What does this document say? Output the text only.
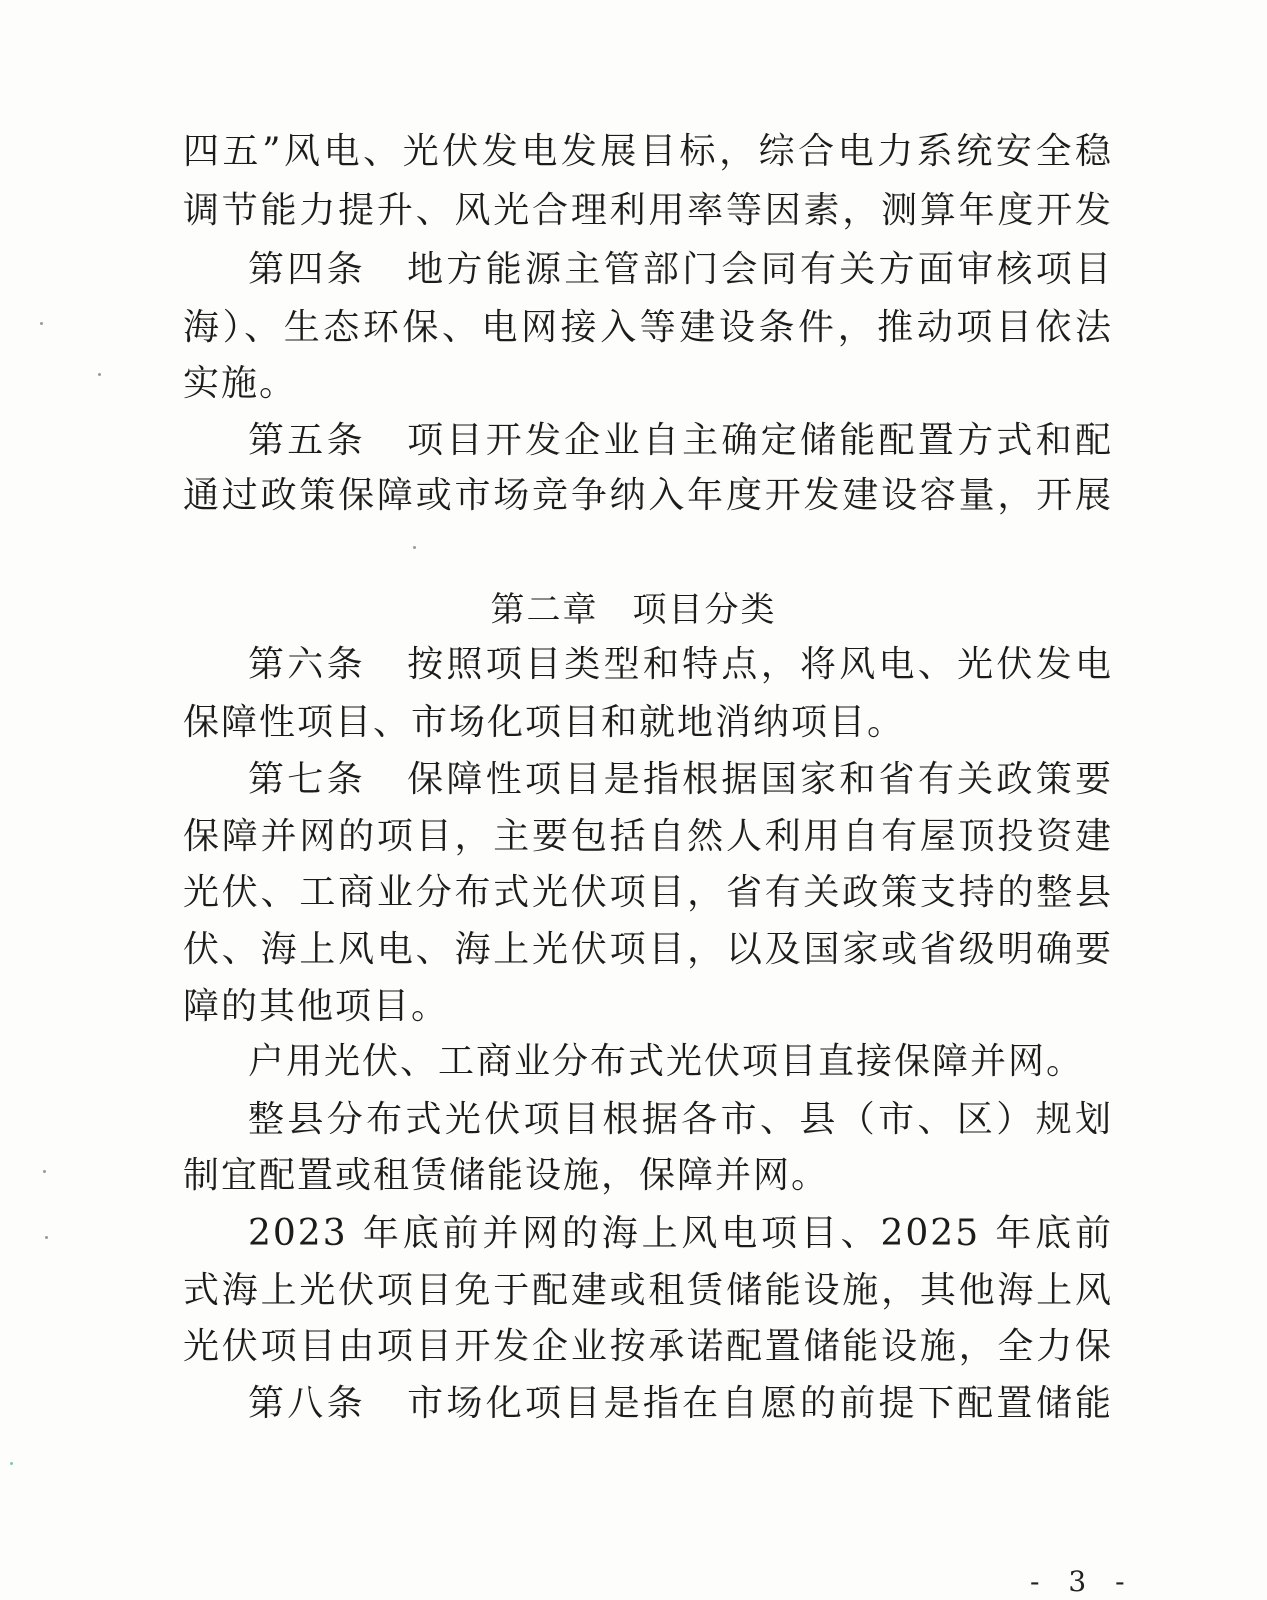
四五”风电、光伏发电发展目标，综合电力系统安全稳
调节能力提升、风光合理利用率等因素，测算年度开发
第四条 地方能源主管部门会同有关方面审核项目
海）、生态环保、电网接入等建设条件，推动项目依法
实施。
第五条 项目开发企业自主确定储能配置方式和配
通过政策保障或市场竞争纳入年度开发建设容量，开展
第二章 项目分类
第六条 按照项目类型和特点，将风电、光伏发电
保障性项目、市场化项目和就地消纳项目。
第七条 保障性项目是指根据国家和省有关政策要
保障并网的项目，主要包括自然人利用自有屋顶投资建
光伏、工商业分布式光伏项目，省有关政策支持的整县
伏、海上风电、海上光伏项目，以及国家或省级明确要
障的其他项目。
户用光伏、工商业分布式光伏项目直接保障并网。
整县分布式光伏项目根据各市、县（市、区）规划
制宜配置或租赁储能设施，保障并网。
2023 年底前并网的海上风电项目、2025 年底前
式海上光伏项目免于配建或租赁储能设施，其他海上风
光伏项目由项目开发企业按承诺配置储能设施，全力保
第八条 市场化项目是指在自愿的前提下配置储能
- 3 -
